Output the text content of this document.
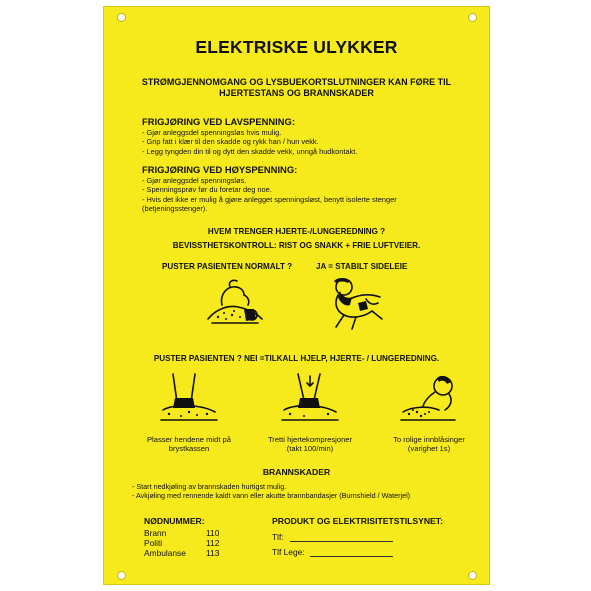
ELEKTRISKE ULYKKER
STRØMGJENNOMGANG OG LYSBUEKORTSLUTNINGER KAN FØRE TIL
HJERTESTANS OG BRANNSKADER
FRIGJØRING VED LAVSPENNING:
- Gjør anleggsdel spenningsløs hvis mulig.
- Grip fatt i klær til den skadde og rykk han / hun vekk.
- Legg tyngden din til og dytt den skadde vekk, unngå hudkontakt.
FRIGJØRING VED HØYSPENNING:
- Gjør anleggsdel spenningsløs.
- Spenningsprøv før du foretar deg noe.
- Hvis det ikke er mulig å gjøre anlegget spenningsløst, benytt isolerte stenger
(betjeningsstenger).
HVEM TRENGER HJERTE-/LUNGEREDNING ?
BEVISSTHETSKONTROLL: RIST OG SNAKK + FRIE LUFTVEIER.
PUSTER PASIENTEN NORMALT ?	JA = STABILT SIDELEIE
PUSTER PASIENTEN ? NEI =TILKALL HJELP, HJERTE- / LUNGEREDNING.
Plasser hendene midt på
brystkassen
Tretti hjertekompresjoner
(takt 100/min)
To rolige innblåsinger
(varighet 1s)
BRANNSKADER
- Start nedkjøling av brannskaden hurtigst mulig.
- Avkjøling med rennende kaldt vann eller akutte brannbandasjer (Burnshield / Waterjel)
NØDNUMMER:
Brann	110
Politi	112
Ambulanse 113
PRODUKT OG ELEKTRISITETSTILSYNET:
Tlf:
Tlf Lege:
